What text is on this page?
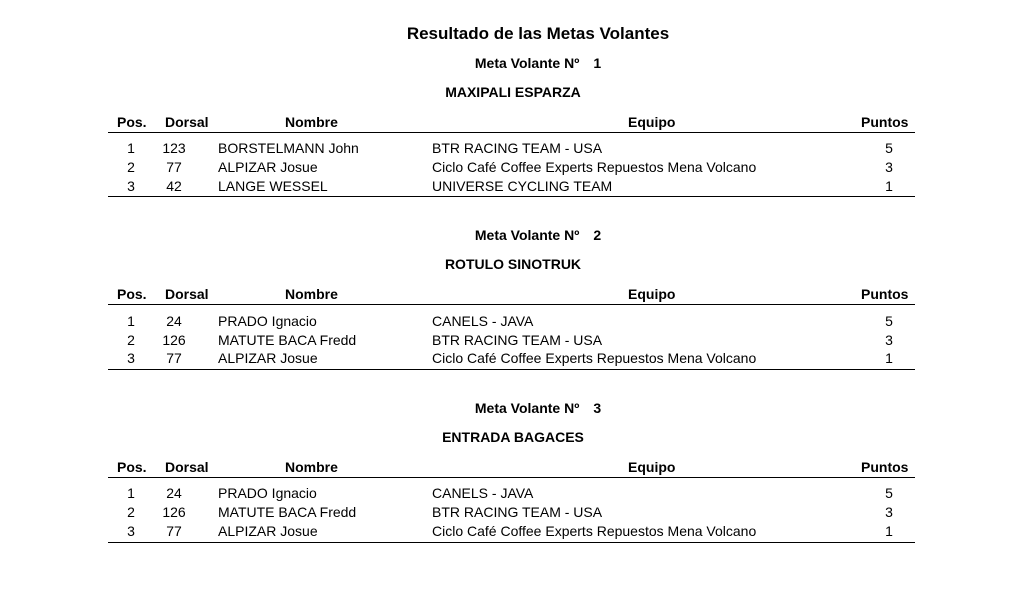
Resultado de las Metas Volantes
Meta Volante Nº 1
MAXIPALI ESPARZA
Pos. Dorsal	Nombre	Equipo	Puntos
1	123	BORSTELMANN John	BTR RACING TEAM - USA	5
2	77	ALPIZAR Josue	Ciclo Café Coffee Experts Repuestos Mena Volcano	3
3	42	LANGE WESSEL	UNIVERSE CYCLING TEAM	1
Meta Volante Nº 2
ROTULO SINOTRUK
Pos. Dorsal	Nombre	Equipo	Puntos
1	24	PRADO Ignacio	CANELS - JAVA	5
2	126	MATUTE BACA Fredd	BTR RACING TEAM - USA	3
3	77	ALPIZAR Josue	Ciclo Café Coffee Experts Repuestos Mena Volcano	1
Meta Volante Nº 3
ENTRADA BAGACES
Pos. Dorsal	Nombre	Equipo	Puntos
1	24	PRADO Ignacio	CANELS - JAVA	5
2	126	MATUTE BACA Fredd	BTR RACING TEAM - USA	3
3	77	ALPIZAR Josue	Ciclo Café Coffee Experts Repuestos Mena Volcano	1
